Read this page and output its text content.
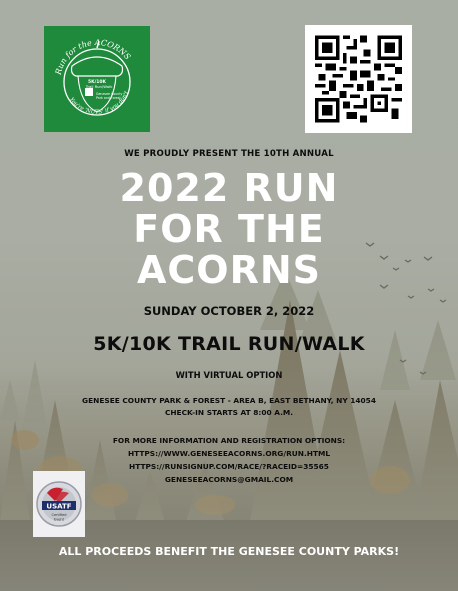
Run for the ACORNS
You're 'NUTS' if you don't
5K/10K
Trail Run/Walk
Genesee County
Park and Forest

WE PROUDLY PRESENT THE 10TH ANNUAL

2022 RUN
FOR THE
ACORNS

SUNDAY OCTOBER 2, 2022

5K/10K TRAIL RUN/WALK

WITH VIRTUAL OPTION

GENESEE COUNTY PARK & FOREST - AREA B, EAST BETHANY, NY 14054

CHECK-IN STARTS AT 8:00 A.M.

FOR MORE INFORMATION AND REGISTRATION OPTIONS:

HTTPS://WWW.GENESEEACORNS.ORG/RUN.HTML

HTTPS://RUNSIGNUP.COM/RACE/?RACEID=35565

GENESEEACORNS@GMAIL.COM

USATF
Certified
Event

ALL PROCEEDS BENEFIT THE GENESEE COUNTY PARKS!
